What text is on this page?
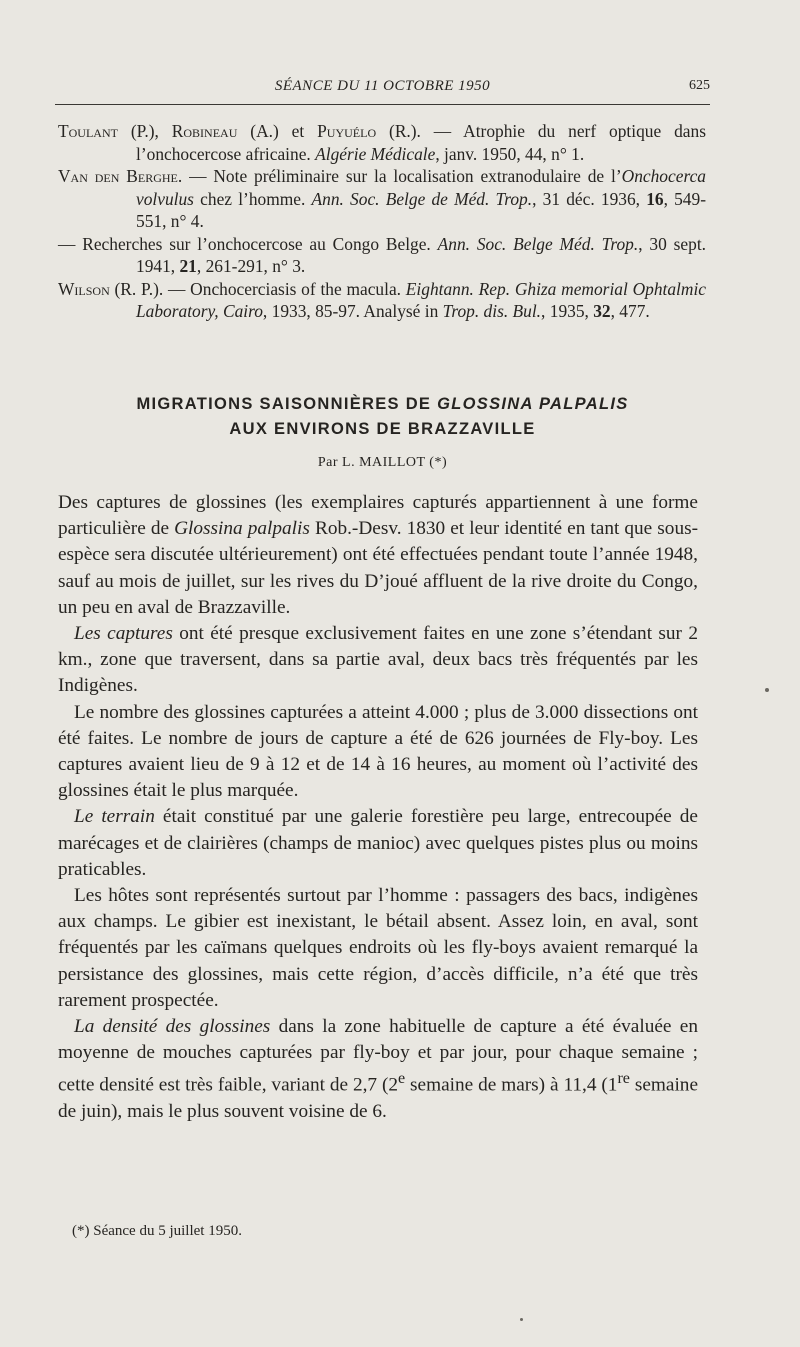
SÉANCE DU 11 OCTOBRE 1950	625
Toulant (P.), Robineau (A.) et Puyuélo (R.). — Atrophie du nerf optique dans l’onchocercose africaine. Algérie Médicale, janv. 1950, 44, n° 1.
Van den Berghe. — Note préliminaire sur la localisation extranodulaire de l’Onchocerca volvulus chez l’homme. Ann. Soc. Belge de Méd. Trop., 31 déc. 1936, 16, 549-551, n° 4.
— Recherches sur l’onchocercose au Congo Belge. Ann. Soc. Belge Méd. Trop., 30 sept. 1941, 21, 261-291, n° 3.
Wilson (R. P.). — Onchocerciasis of the macula. Eightann. Rep. Ghiza memorial Ophtalmic Laboratory, Cairo, 1933, 85-97. Analysé in Trop. dis. Bul., 1935, 32, 477.
MIGRATIONS SAISONNIÈRES DE GLOSSINA PALPALIS
AUX ENVIRONS DE BRAZZAVILLE
Par L. MAILLOT (*)

Des captures de glossines (les exemplaires capturés appartiennent à une forme particulière de Glossina palpalis Rob.-Desv. 1830 et leur identité en tant que sous-espèce sera discutée ultérieurement) ont été effectuées pendant toute l’année 1948, sauf au mois de juillet, sur les rives du D’joué affluent de la rive droite du Congo, un peu en aval de Brazzaville.

Les captures ont été presque exclusivement faites en une zone s’étendant sur 2 km., zone que traversent, dans sa partie aval, deux bacs très fréquentés par les Indigènes.

Le nombre des glossines capturées a atteint 4.000 ; plus de 3.000 dissections ont été faites. Le nombre de jours de capture a été de 626 journées de Fly-boy. Les captures avaient lieu de 9 à 12 et de 14 à 16 heures, au moment où l’activité des glossines était le plus marquée.

Le terrain était constitué par une galerie forestière peu large, entrecoupée de marécages et de clairières (champs de manioc) avec quelques pistes plus ou moins praticables.

Les hôtes sont représentés surtout par l’homme : passagers des bacs, indigènes aux champs. Le gibier est inexistant, le bétail absent. Assez loin, en aval, sont fréquentés par les caïmans quelques endroits où les fly-boys avaient remarqué la persistance des glossines, mais cette région, d’accès difficile, n’a été que très rarement prospectée.

La densité des glossines dans la zone habituelle de capture a été évaluée en moyenne de mouches capturées par fly-boy et par jour, pour chaque semaine ; cette densité est très faible, variant de 2,7 (2e semaine de mars) à 11,4 (1re semaine de juin), mais le plus souvent voisine de 6.

(*) Séance du 5 juillet 1950.
